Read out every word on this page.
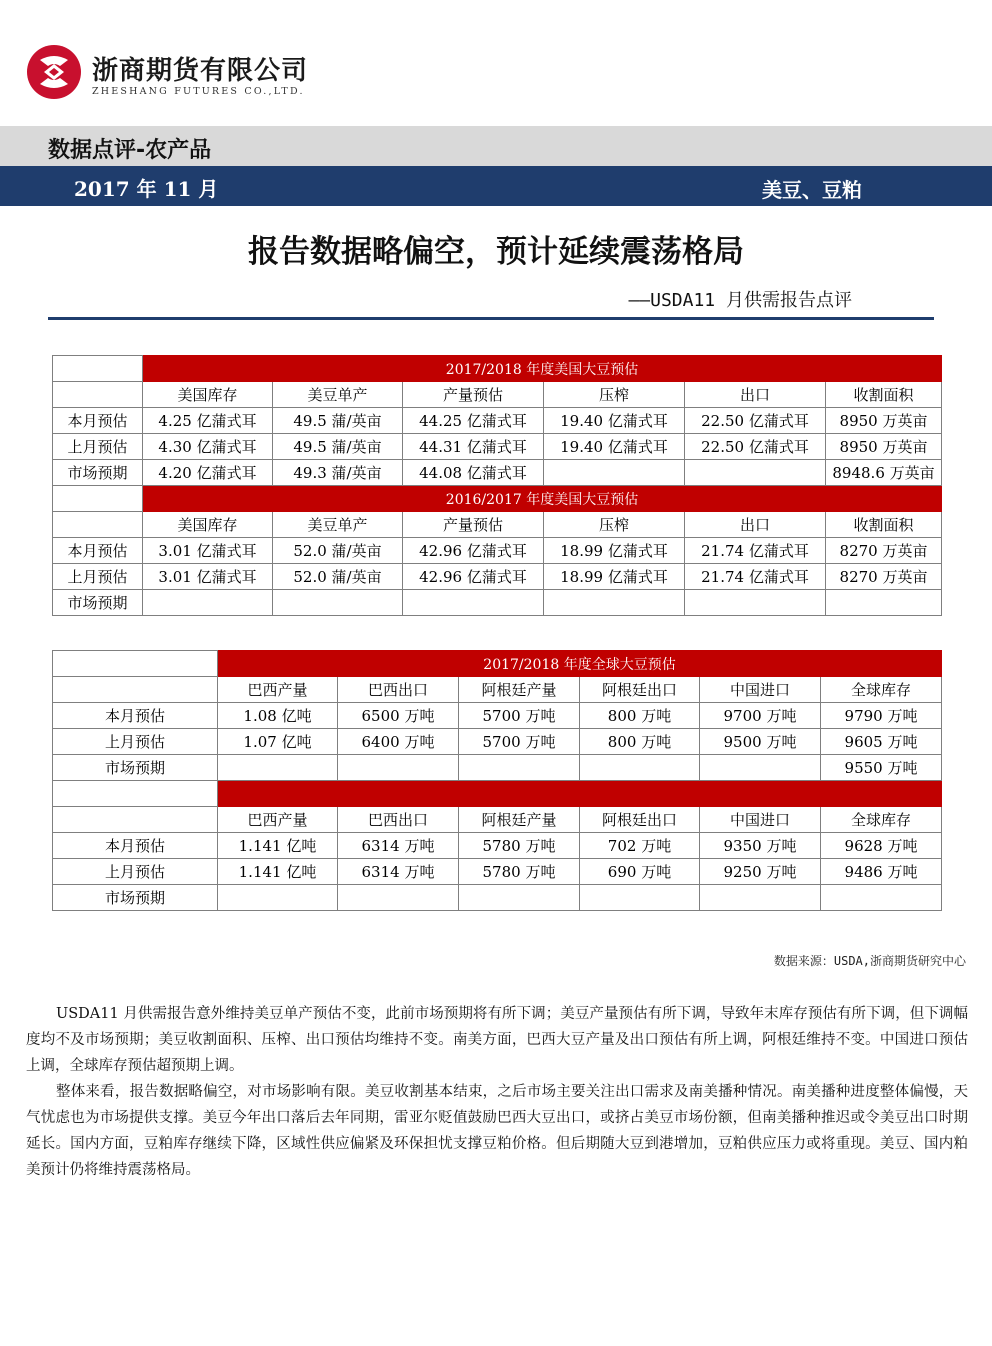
浙商期货有限公司
ZHESHANG FUTURES CO.,LTD.
数据点评-农产品
2017 年 11 月	美豆、豆粕
报告数据略偏空，预计延续震荡格局
——USDA11 月供需报告点评
	2017/2018 年度美国大豆预估					
	美国库存	美豆单产	产量预估	压榨	出口	收割面积
本月预估	4.25 亿蒲式耳	49.5 蒲/英亩	44.25 亿蒲式耳	19.40 亿蒲式耳	22.50 亿蒲式耳	8950 万英亩
上月预估	4.30 亿蒲式耳	49.5 蒲/英亩	44.31 亿蒲式耳	19.40 亿蒲式耳	22.50 亿蒲式耳	8950 万英亩
市场预期	4.20 亿蒲式耳	49.3 蒲/英亩	44.08 亿蒲式耳			8948.6 万英亩
	2016/2017 年度美国大豆预估					
	美国库存	美豆单产	产量预估	压榨	出口	收割面积
本月预估	3.01 亿蒲式耳	52.0 蒲/英亩	42.96 亿蒲式耳	18.99 亿蒲式耳	21.74 亿蒲式耳	8270 万英亩
上月预估	3.01 亿蒲式耳	52.0 蒲/英亩	42.96 亿蒲式耳	18.99 亿蒲式耳	21.74 亿蒲式耳	8270 万英亩
市场预期						
	2017/2018 年度全球大豆预估					
	巴西产量	巴西出口	阿根廷产量	阿根廷出口	中国进口	全球库存
本月预估	1.08 亿吨	6500 万吨	5700 万吨	800 万吨	9700 万吨	9790 万吨
上月预估	1.07 亿吨	6400 万吨	5700 万吨	800 万吨	9500 万吨	9605 万吨
市场预期						9550 万吨

	巴西产量	巴西出口	阿根廷产量	阿根廷出口	中国进口	全球库存
本月预估	1.141 亿吨	6314 万吨	5780 万吨	702 万吨	9350 万吨	9628 万吨
上月预估	1.141 亿吨	6314 万吨	5780 万吨	690 万吨	9250 万吨	9486 万吨
市场预期						
数据来源：USDA,浙商期货研究中心

USDA11 月供需报告意外维持美豆单产预估不变，此前市场预期将有所下调；美豆产量预估有所下调，导致年末库存预估有所下调，但下调幅度均不及市场预期；美豆收割面积、压榨、出口预估均维持不变。南美方面，巴西大豆产量及出口预估有所上调，阿根廷维持不变。中国进口预估上调，全球库存预估超预期上调。

整体来看，报告数据略偏空，对市场影响有限。美豆收割基本结束，之后市场主要关注出口需求及南美播种情况。南美播种进度整体偏慢，天气忧虑也为市场提供支撑。美豆今年出口落后去年同期，雷亚尔贬值鼓励巴西大豆出口，或挤占美豆市场份额，但南美播种推迟或令美豆出口时期延长。国内方面，豆粕库存继续下降，区域性供应偏紧及环保担忧支撑豆粕价格。但后期随大豆到港增加，豆粕供应压力或将重现。美豆、国内粕美预计仍将维持震荡格局。
